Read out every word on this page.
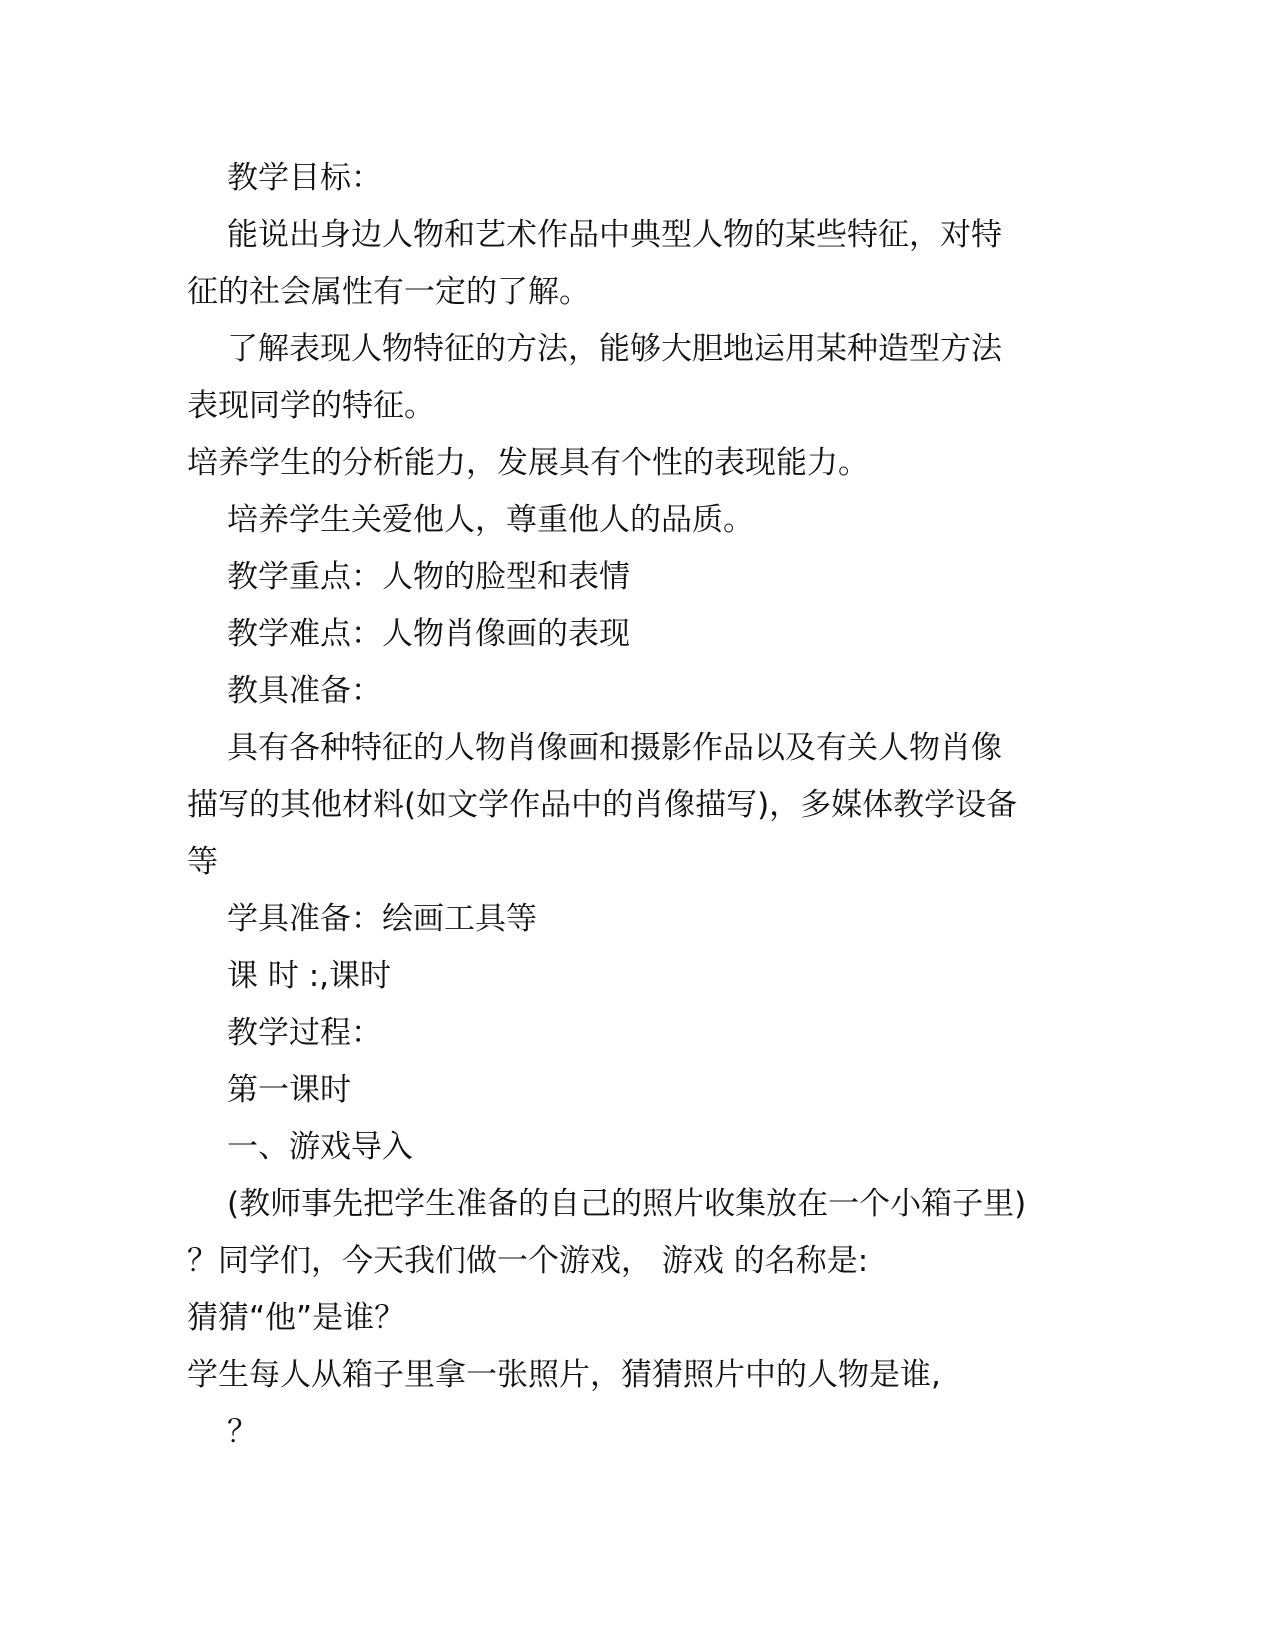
教学目标：
能说出身边人物和艺术作品中典型人物的某些特征，对特
征的社会属性有一定的了解。
了解表现人物特征的方法，能够大胆地运用某种造型方法
表现同学的特征。
培养学生的分析能力，发展具有个性的表现能力。
培养学生关爱他人，尊重他人的品质。
教学重点：人物的脸型和表情
教学难点：人物肖像画的表现
教具准备：
具有各种特征的人物肖像画和摄影作品以及有关人物肖像
描写的其他材料(如文学作品中的肖像描写)，多媒体教学设备
等
学具准备：绘画工具等
课 时 :,课时
教学过程：
第一课时
一、游戏导入
(教师事先把学生准备的自己的照片收集放在一个小箱子里)
？同学们，今天我们做一个游戏， 游戏 的名称是:
猜猜“他”是谁？
学生每人从箱子里拿一张照片，猜猜照片中的人物是谁,
？
